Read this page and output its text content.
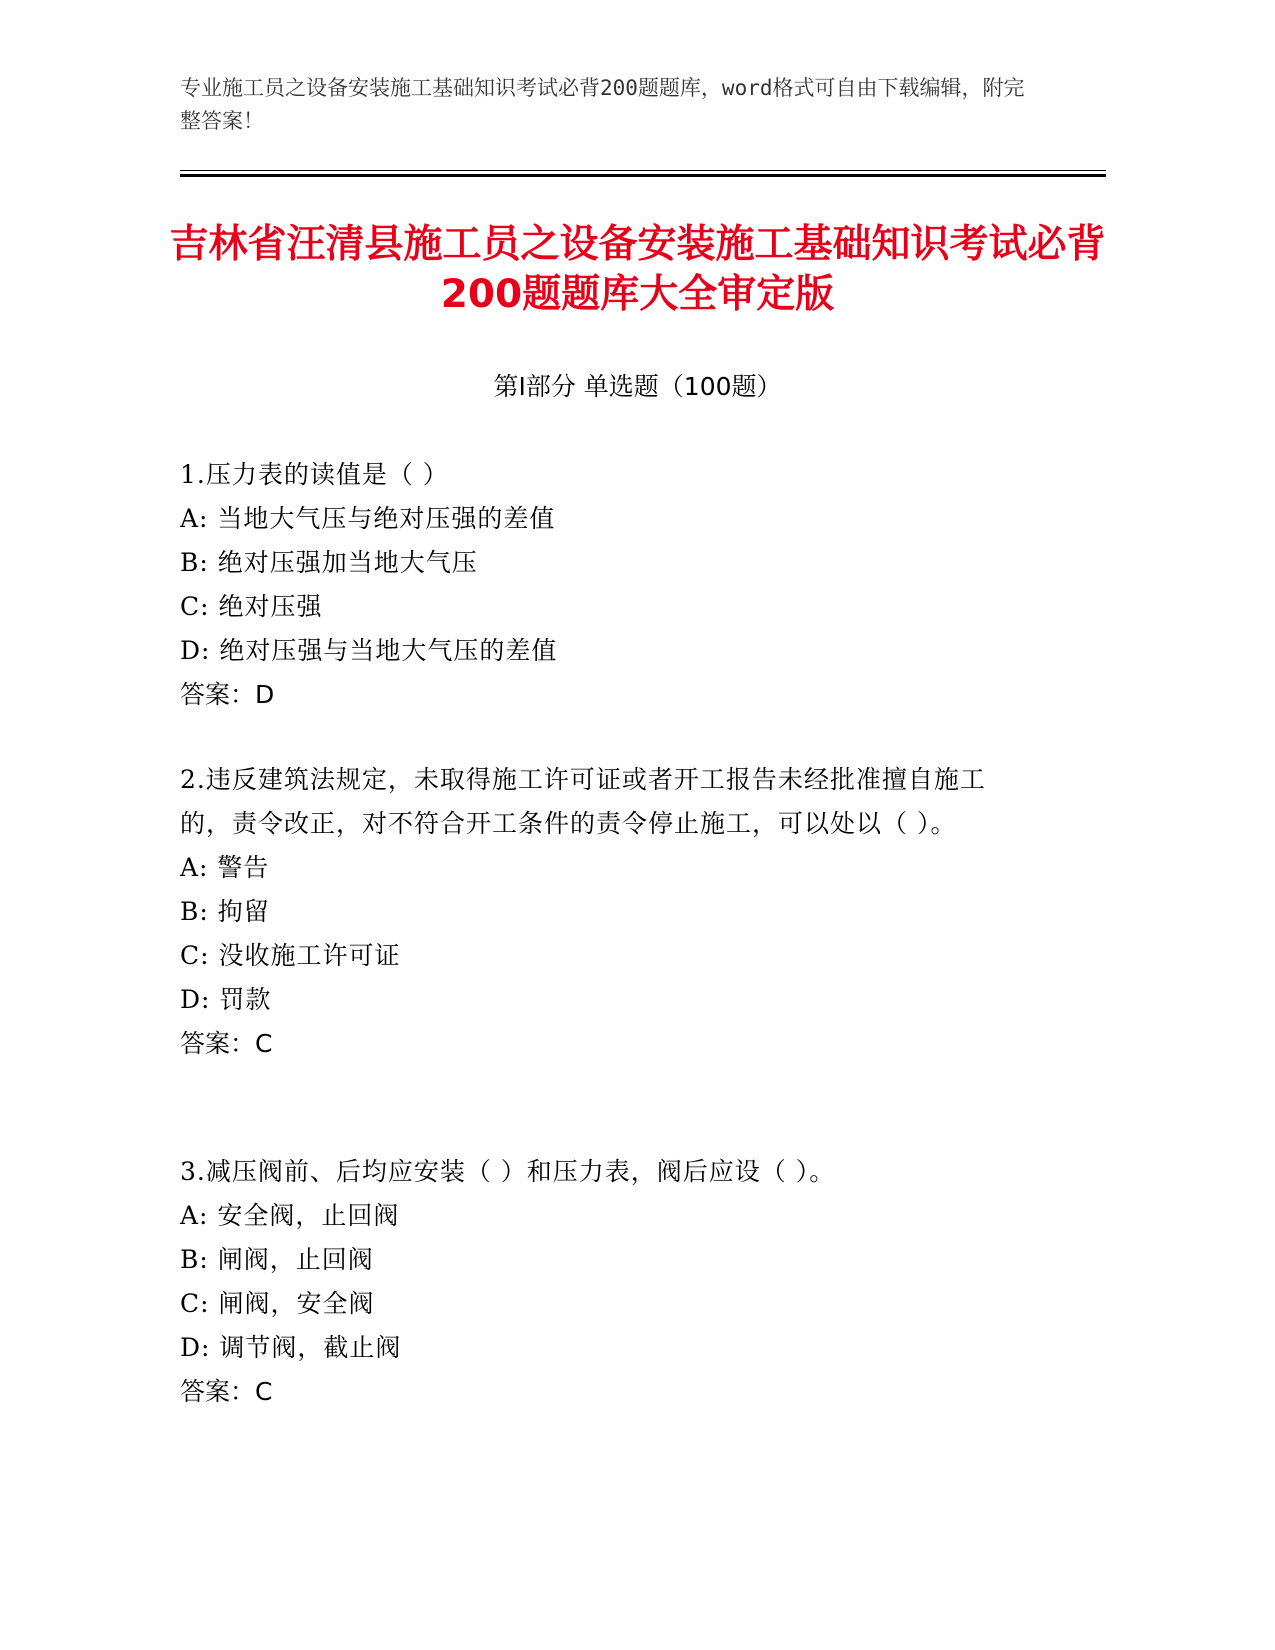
专业施工员之设备安装施工基础知识考试必背200题题库，word格式可自由下载编辑，附完整答案！
吉林省汪清县施工员之设备安装施工基础知识考试必背200题题库大全审定版
第Ⅰ部分 单选题（100题）
1.压力表的读值是（ ）
A: 当地大气压与绝对压强的差值
B: 绝对压强加当地大气压
C: 绝对压强
D: 绝对压强与当地大气压的差值
答案：D
2.违反建筑法规定，未取得施工许可证或者开工报告未经批准擅自施工的，责令改正，对不符合开工条件的责令停止施工，可以处以（ ）。
A: 警告
B: 拘留
C: 没收施工许可证
D: 罚款
答案：C
3.减压阀前、后均应安装（ ）和压力表，阀后应设（ ）。
A: 安全阀，止回阀
B: 闸阀，止回阀
C: 闸阀，安全阀
D: 调节阀，截止阀
答案：C
